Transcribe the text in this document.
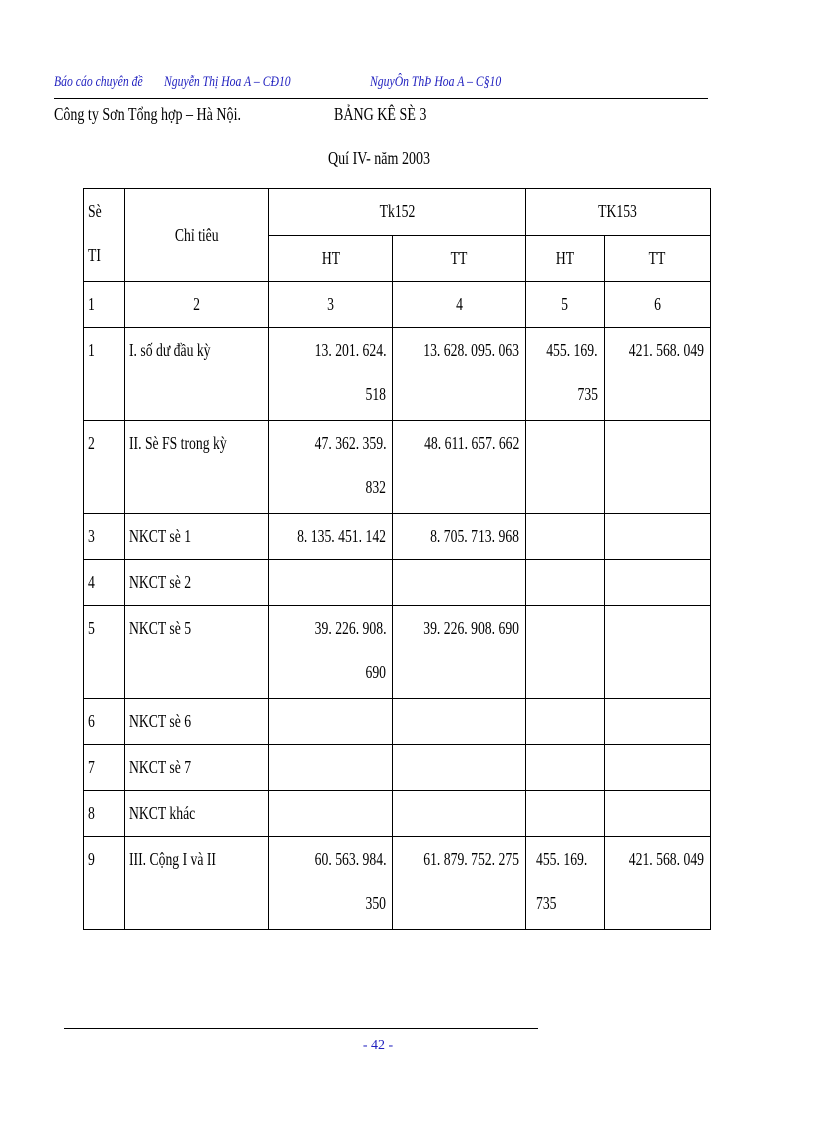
Báo cáo chuyên đề Nguyễn Thị Hoa A – CĐ10	NguyÔn ThÞ Hoa A – C§10
Công ty Sơn Tổng hợp – Hà Nội.	BẢNG KÊ SÈ 3
Quí IV- năm 2003
Sè TI	Chỉ tiêu	Tk152		TK153	
		HT	TT	HT	TT
1	2	3	4	5	6
1	I. số dư đầu kỳ	13. 201. 624.518	13. 628. 095. 063	455. 169.735	421. 568. 049
2	II. Sè FS trong kỳ	47. 362. 359.832	48. 611. 657. 662		
3	NKCT sè 1	8. 135. 451. 142	8. 705. 713. 968		
4	NKCT sè 2				
5	NKCT sè 5	39. 226. 908.690	39. 226. 908. 690		
6	NKCT sè 6				
7	NKCT sè 7				
8	NKCT khác				
9	III. Cộng I và II	60. 563. 984.350	61. 879. 752. 275	455. 169.735	421. 568. 049
- 42 -
